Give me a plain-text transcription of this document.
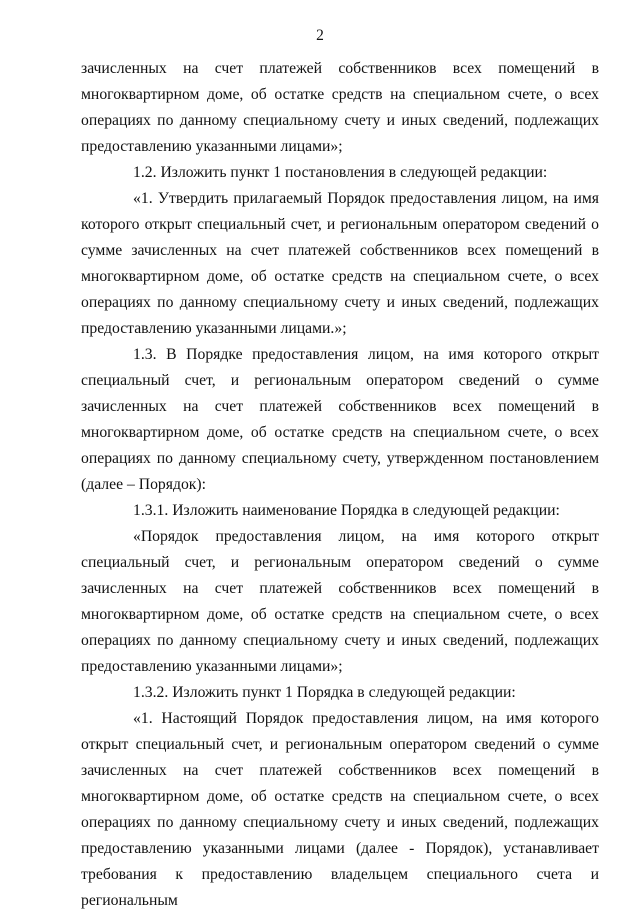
2

зачисленных на счет платежей собственников всех помещений в многоквартирном доме, об остатке средств на специальном счете, о всех операциях по данному специальному счету и иных сведений, подлежащих предоставлению указанными лицами»;

1.2. Изложить пункт 1 постановления в следующей редакции:

«1. Утвердить прилагаемый Порядок предоставления лицом, на имя которого открыт специальный счет, и региональным оператором сведений о сумме зачисленных на счет платежей собственников всех помещений в многоквартирном доме, об остатке средств на специальном счете, о всех операциях по данному специальному счету и иных сведений, подлежащих предоставлению указанными лицами.»;

1.3. В Порядке предоставления лицом, на имя которого открыт специальный счет, и региональным оператором сведений о сумме зачисленных на счет платежей собственников всех помещений в многоквартирном доме, об остатке средств на специальном счете, о всех операциях по данному специальному счету, утвержденном постановлением (далее – Порядок):

1.3.1. Изложить наименование Порядка в следующей редакции:

«Порядок предоставления лицом, на имя которого открыт специальный счет, и региональным оператором сведений о сумме зачисленных на счет платежей собственников всех помещений в многоквартирном доме, об остатке средств на специальном счете, о всех операциях по данному специальному счету и иных сведений, подлежащих предоставлению указанными лицами»;

1.3.2. Изложить пункт 1 Порядка в следующей редакции:

«1. Настоящий Порядок предоставления лицом, на имя которого открыт специальный счет, и региональным оператором сведений о сумме зачисленных на счет платежей собственников всех помещений в многоквартирном доме, об остатке средств на специальном счете, о всех операциях по данному специальному счету и иных сведений, подлежащих предоставлению указанными лицами (далее - Порядок), устанавливает требования к предоставлению владельцем специального счета и региональным
